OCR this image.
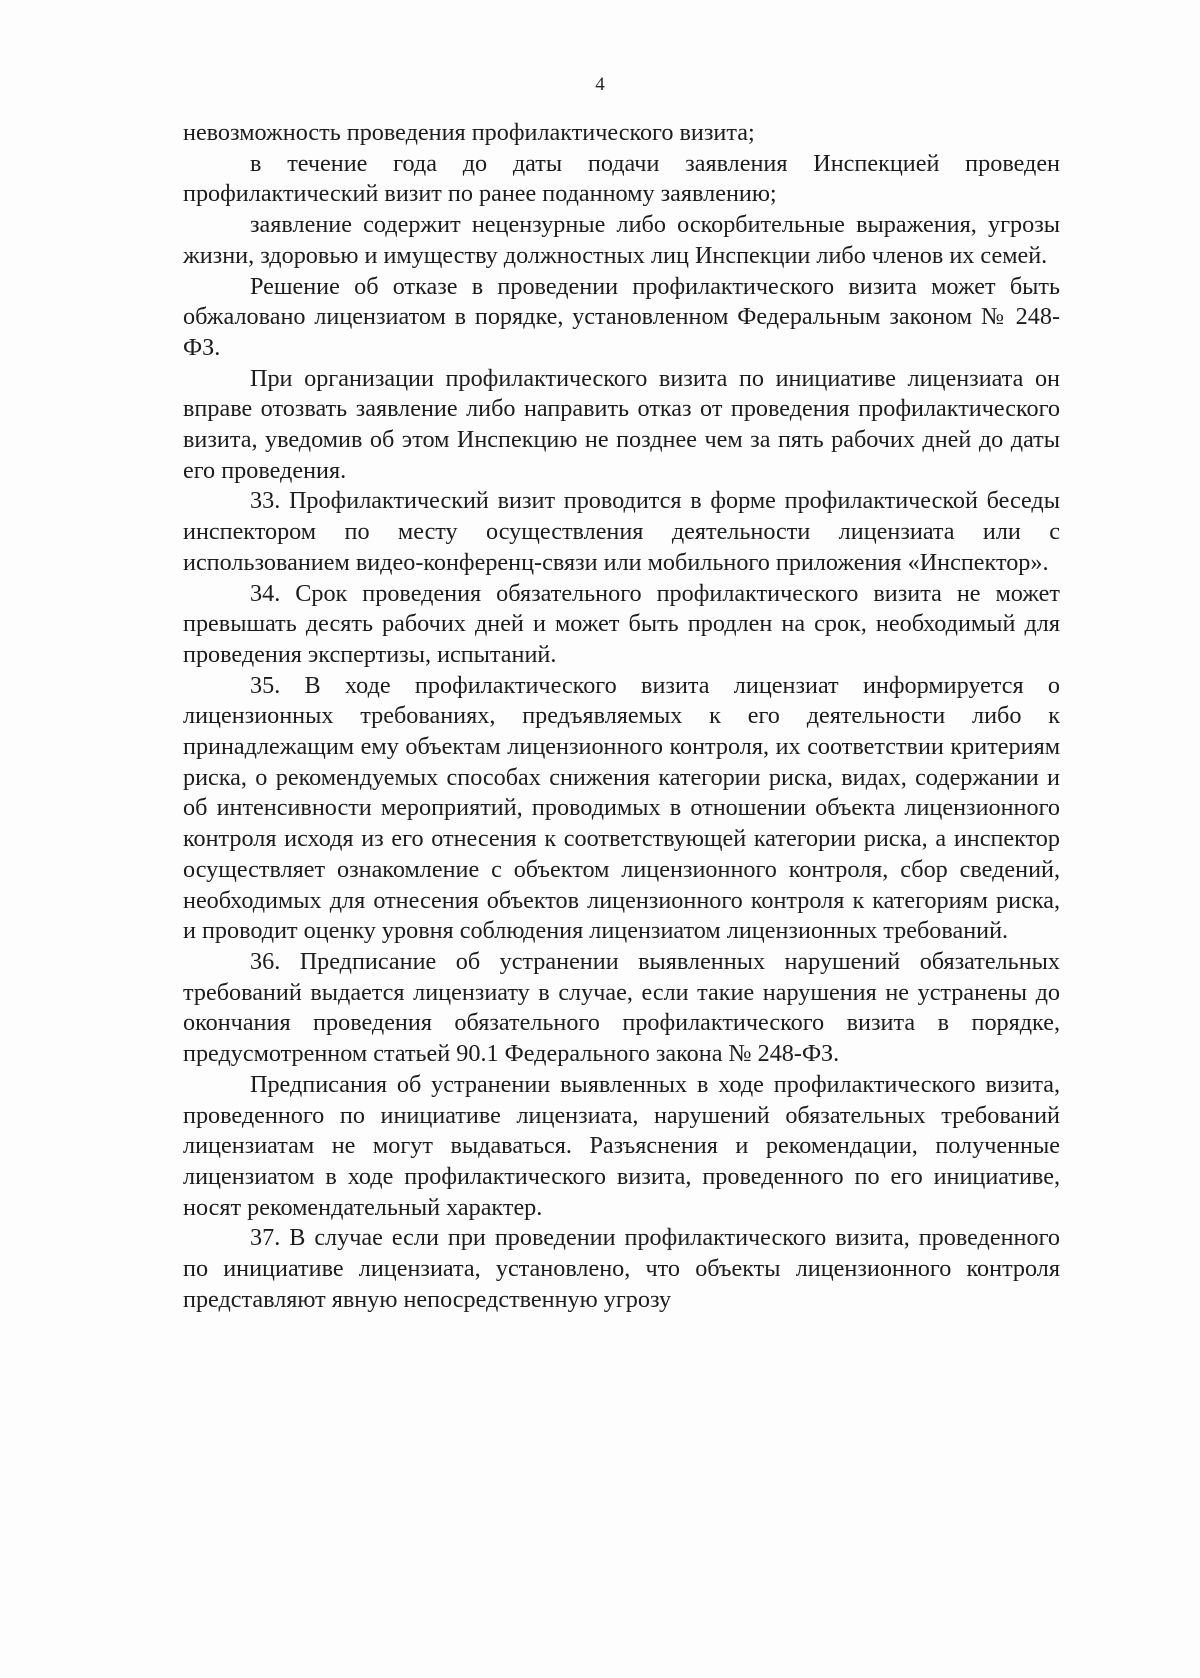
4

невозможность проведения профилактического визита;

в течение года до даты подачи заявления Инспекцией проведен профилактический визит по ранее поданному заявлению;

заявление содержит нецензурные либо оскорбительные выражения, угрозы жизни, здоровью и имуществу должностных лиц Инспекции либо членов их семей.

Решение об отказе в проведении профилактического визита может быть обжаловано лицензиатом в порядке, установленном Федеральным законом № 248-ФЗ.

При организации профилактического визита по инициативе лицензиата он вправе отозвать заявление либо направить отказ от проведения профилактического визита, уведомив об этом Инспекцию не позднее чем за пять рабочих дней до даты его проведения.

33. Профилактический визит проводится в форме профилактической беседы инспектором по месту осуществления деятельности лицензиата или с использованием видео-конференц-связи или мобильного приложения «Инспектор».

34. Срок проведения обязательного профилактического визита не может превышать десять рабочих дней и может быть продлен на срок, необходимый для проведения экспертизы, испытаний.

35. В ходе профилактического визита лицензиат информируется о лицензионных требованиях, предъявляемых к его деятельности либо к принадлежащим ему объектам лицензионного контроля, их соответствии критериям риска, о рекомендуемых способах снижения категории риска, видах, содержании и об интенсивности мероприятий, проводимых в отношении объекта лицензионного контроля исходя из его отнесения к соответствующей категории риска, а инспектор осуществляет ознакомление с объектом лицензионного контроля, сбор сведений, необходимых для отнесения объектов лицензионного контроля к категориям риска, и проводит оценку уровня соблюдения лицензиатом лицензионных требований.

36. Предписание об устранении выявленных нарушений обязательных требований выдается лицензиату в случае, если такие нарушения не устранены до окончания проведения обязательного профилактического визита в порядке, предусмотренном статьей 90.1 Федерального закона № 248-ФЗ.

Предписания об устранении выявленных в ходе профилактического визита, проведенного по инициативе лицензиата, нарушений обязательных требований лицензиатам не могут выдаваться. Разъяснения и рекомендации, полученные лицензиатом в ходе профилактического визита, проведенного по его инициативе, носят рекомендательный характер.

37. В случае если при проведении профилактического визита, проведенного по инициативе лицензиата, установлено, что объекты лицензионного контроля представляют явную непосредственную угрозу
